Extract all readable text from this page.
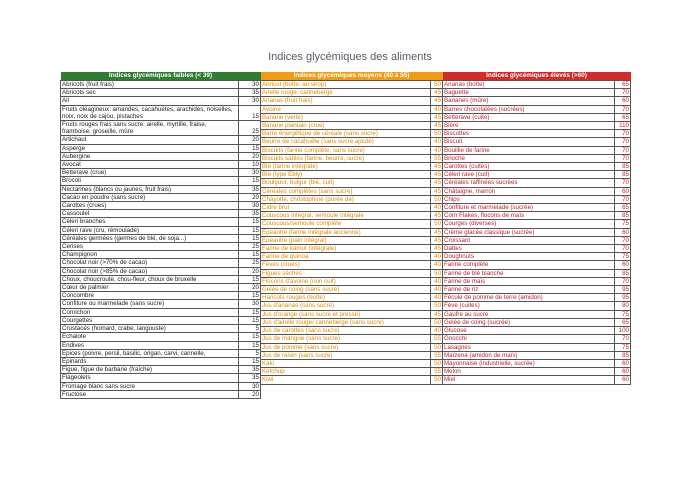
Indices glycémiques des aliments
Indices glycémiques faibles (< 39)	
Abricots (fruit frais)	30
Abricots sec	35
Ail	30
Fruits oléagineux: amandes, cacahuètes, arachides, noiselles, noix, noix de cajou, pistaches	15
Fruits rouges frais sans sucre: airelle, myrtille, fraise, framboise, groseille, mûre	25
Artichaut	20
Asperge	15
Aubergine	20
Avocat	10
Betterave (crue)	30
Brocoli	15
Nectarines (blancs ou jaunes, fruit frais)	35
Cacao en poudre (sans sucre)	20
Carottes (crues)	30
Cassoulet	35
Céleri branches	15
Céleri rave (cru, rémoulade)	15
Céréales germées (germes de blé, de soja...)	15
Cerises	25
Champignon	15
Chocolat noir (>70% de cacao)	25
Chocolat noir (>85% de cacao)	20
Choux, choucroute, chou-fleur, choux de bruxelle	15
Cœur de palmier	20
Concombre	15
Confiture ou marmelade (sans sucre)	30
Cornichon	15
Courgettes	15
Crustacés (homard, crabe, langouste)	5
Echalote	15
Endives	15
Epices (poivre, persil, basilic, origan, carvi, cannelle,	5
Epinards	15
Figue, figue de barbarie (fraîche)	35
Flageolets	35
Fromage blanc sans sucre	30
Fructose	20
Indices glycémiques moyens (40 à 55)	
Abricot (boîte, au sirop)	50
Airelle rouge, canneberge	45
Ananas (fruit frais)	45
Avoine	40
Banane (verte)	45
Banane plantain (crue)	45
Barre énergétique de céréale (sans sucre)	50
Beurre de cacahuète (sans sucre ajouté)	40
Biscuits (farine complète, sans sucre)	40
Biscuits sablés (farine, beurre, sucre)	55
Blé (farine intégrale)	45
Blé (type Ebly)	45
Boulgour, bulgur (blé, cuit)	45
Céréales complètes (sans sucre)	45
Chayotte, christophine (purée de)	50
Cidre brut	40
Couscous intégral, semoule intégrale	45
Couscous/semoule complète	50
Epeautre (farine intégrale ancienne)	45
Epeautre (pain intégral)	45
Farine de kamut (intégrale)	45
Farine de quinoa	40
Fèves (crues)	40
Figues sèches	50
Flocons d'avoine (non cuit)	40
Gelée de coing (sans sucre)	40
Haricots rouges (boîte)	40
Jus d'ananas (sans sucre)	50
Jus d'orange (sans sucre et pressé)	45
Jus d'airelle rouge/ canneberge (sans sucre)	50
Jus de carottes (sans sucre)	40
Jus de mangue (sans sucre)	55
Jus de pomme (sans sucre)	50
Jus de raisin (sans sucre)	55
Kaki	50
Ketchup	55
Kiwi	50
Indices glycémiques élevés (>60)	
Ananas (boîte)	65
Baguette	70
Bananes (mûre)	60
Barres chocolatées (sucrées)	70
Betterave (cuite)	65
Bière	110
Biscottes	70
Biscuit	70
Bouillie de farine	70
Brioche	70
Carottes (cuites)	85
Céleri rave (cuit)	85
Céréales raffinées sucrées	70
Châtaigne, marron	60
Chips	70
Confiture et marmelade (sucrée)	65
Corn Flakes, flocons de maïs	85
Courges (diverses)	75
Crème glacée classique (sucrée)	60
Croissant	70
Dattes	70
Doughnuts	75
Farine complète	60
Farine de blé blanche	85
Farine de maïs	70
Farine de riz	95
Fécule de pomme de terre (amidon)	95
Fève (cuites)	80
Gaufre au sucre	75
Gelée de coing (sucrée)	65
Glucose	100
Gnocchi	70
Lasagnes	75
Maïzena (amidon de maïs)	85
Mayonnaise (industrielle, sucrée)	60
Melon	60
Miel	60
